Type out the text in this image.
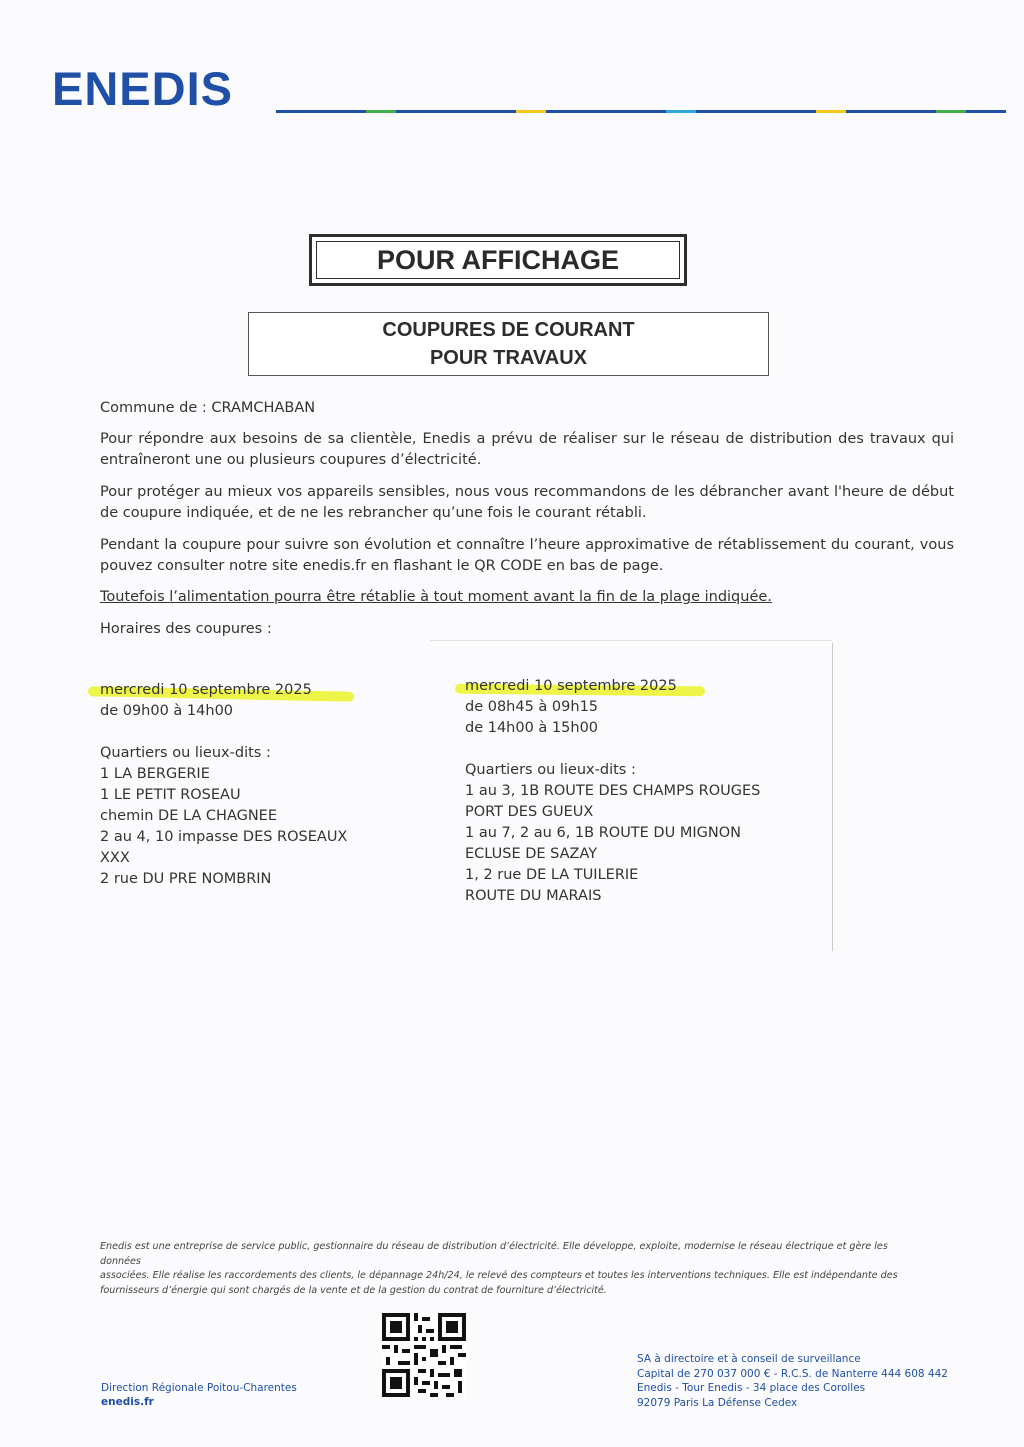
ENEDIS
POUR AFFICHAGE
COUPURES DE COURANT
POUR TRAVAUX
Commune de : CRAMCHABAN
Pour répondre aux besoins de sa clientèle, Enedis a prévu de réaliser sur le réseau de distribution des travaux qui entraîneront une ou plusieurs coupures d’électricité.
Pour protéger au mieux vos appareils sensibles, nous vous recommandons de les débrancher avant l'heure de début de coupure indiquée, et de ne les rebrancher qu’une fois le courant rétabli.
Pendant la coupure pour suivre son évolution et connaître l’heure approximative de rétablissement du courant, vous pouvez consulter notre site enedis.fr en flashant le QR CODE en bas de page.
Toutefois l’alimentation pourra être rétablie à tout moment avant la fin de la plage indiquée.
Horaires des coupures :
mercredi 10 septembre 2025
de 09h00 à 14h00
Quartiers ou lieux-dits :
1 LA BERGERIE
1 LE PETIT ROSEAU
chemin DE LA CHAGNEE
2 au 4, 10 impasse DES ROSEAUX
XXX
2 rue DU PRE NOMBRIN
mercredi 10 septembre 2025
de 08h45 à 09h15
de 14h00 à 15h00
Quartiers ou lieux-dits :
1 au 3, 1B ROUTE DES CHAMPS ROUGES
PORT DES GUEUX
1 au 7, 2 au 6, 1B ROUTE DU MIGNON
ECLUSE DE SAZAY
1, 2 rue DE LA TUILERIE
ROUTE DU MARAIS
Enedis est une entreprise de service public, gestionnaire du réseau de distribution d’électricité. Elle développe, exploite, modernise le réseau électrique et gère les données
associées. Elle réalise les raccordements des clients, le dépannage 24h/24, le relevé des compteurs et toutes les interventions techniques. Elle est indépendante des
fournisseurs d’énergie qui sont chargés de la vente et de la gestion du contrat de fourniture d’électricité.
Direction Régionale Poitou-Charentes
enedis.fr
SA à directoire et à conseil de surveillance
Capital de 270 037 000 € - R.C.S. de Nanterre 444 608 442
Enedis - Tour Enedis - 34 place des Corolles
92079 Paris La Défense Cedex
